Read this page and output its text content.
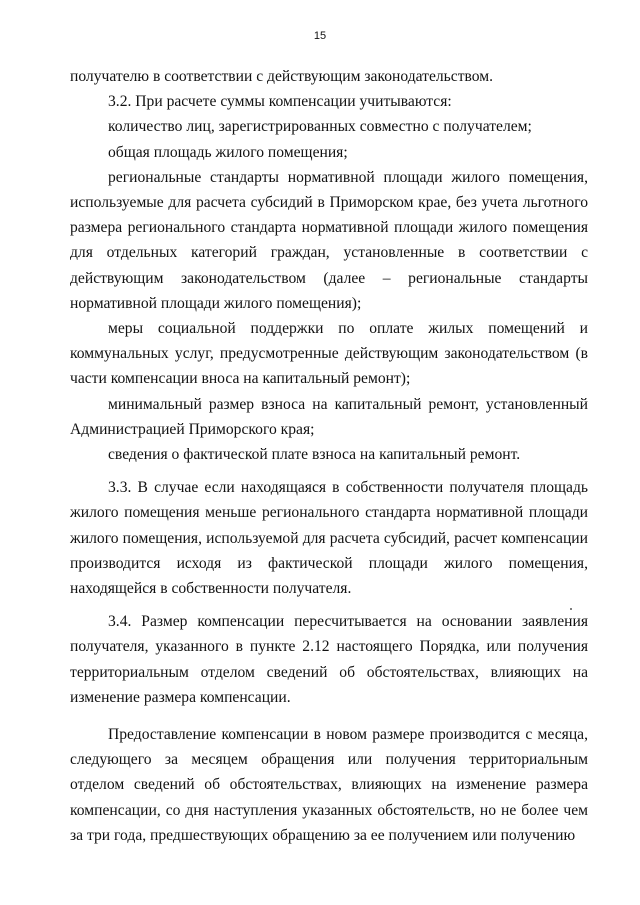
15

получателю в соответствии с действующим законодательством.

3.2. При расчете суммы компенсации учитываются:

количество лиц, зарегистрированных совместно с получателем;

общая площадь жилого помещения;

региональные стандарты нормативной площади жилого помещения, используемые для расчета субсидий в Приморском крае, без учета льготного размера регионального стандарта нормативной площади жилого помещения для отдельных категорий граждан, установленные в соответствии с действующим законодательством (далее – региональные стандарты нормативной площади жилого помещения);

меры социальной поддержки по оплате жилых помещений и коммунальных услуг, предусмотренные действующим законодательством (в части компенсации вноса на капитальный ремонт);

минимальный размер взноса на капитальный ремонт, установленный Администрацией Приморского края;

сведения о фактической плате взноса на капитальный ремонт.

3.3. В случае если находящаяся в собственности получателя площадь жилого помещения меньше регионального стандарта нормативной площади жилого помещения, используемой для расчета субсидий, расчет компенсации производится исходя из фактической площади жилого помещения, находящейся в собственности получателя.

3.4. Размер компенсации пересчитывается на основании заявления получателя, указанного в пункте 2.12 настоящего Порядка, или получения территориальным отделом сведений об обстоятельствах, влияющих на изменение размера компенсации.

Предоставление компенсации в новом размере производится с месяца, следующего за месяцем обращения или получения территориальным отделом сведений об обстоятельствах, влияющих на изменение размера компенсации, со дня наступления указанных обстоятельств, но не более чем за три года, предшествующих обращению за ее получением или получению
